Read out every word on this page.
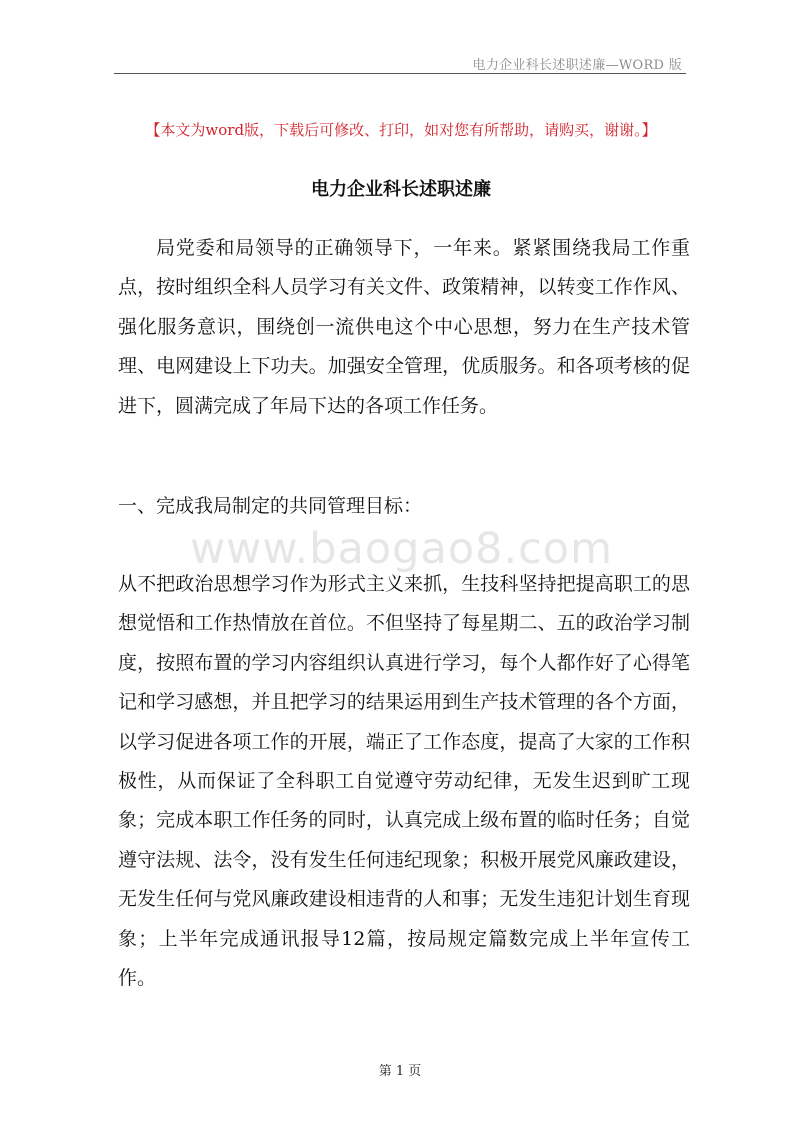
电力企业科长述职述廉—WORD 版
【本文为word版，下载后可修改、打印，如对您有所帮助，请购买，谢谢。】
电力企业科长述职述廉

局党委和局领导的正确领导下，一年来。紧紧围绕我局工作重点，按时组织全科人员学习有关文件、政策精神，以转变工作作风、强化服务意识，围绕创一流供电这个中心思想，努力在生产技术管理、电网建设上下功夫。加强安全管理，优质服务。和各项考核的促进下，圆满完成了年局下达的各项工作任务。

一、完成我局制定的共同管理目标：

www.baogao8.com

从不把政治思想学习作为形式主义来抓，生技科坚持把提高职工的思想觉悟和工作热情放在首位。不但坚持了每星期二、五的政治学习制度，按照布置的学习内容组织认真进行学习，每个人都作好了心得笔记和学习感想，并且把学习的结果运用到生产技术管理的各个方面，以学习促进各项工作的开展，端正了工作态度，提高了大家的工作积极性，从而保证了全科职工自觉遵守劳动纪律，无发生迟到旷工现象；完成本职工作任务的同时，认真完成上级布置的临时任务；自觉遵守法规、法令，没有发生任何违纪现象；积极开展党风廉政建设，无发生任何与党风廉政建设相违背的人和事；无发生违犯计划生育现象；上半年完成通讯报导12篇，按局规定篇数完成上半年宣传工作。

第 1 页
